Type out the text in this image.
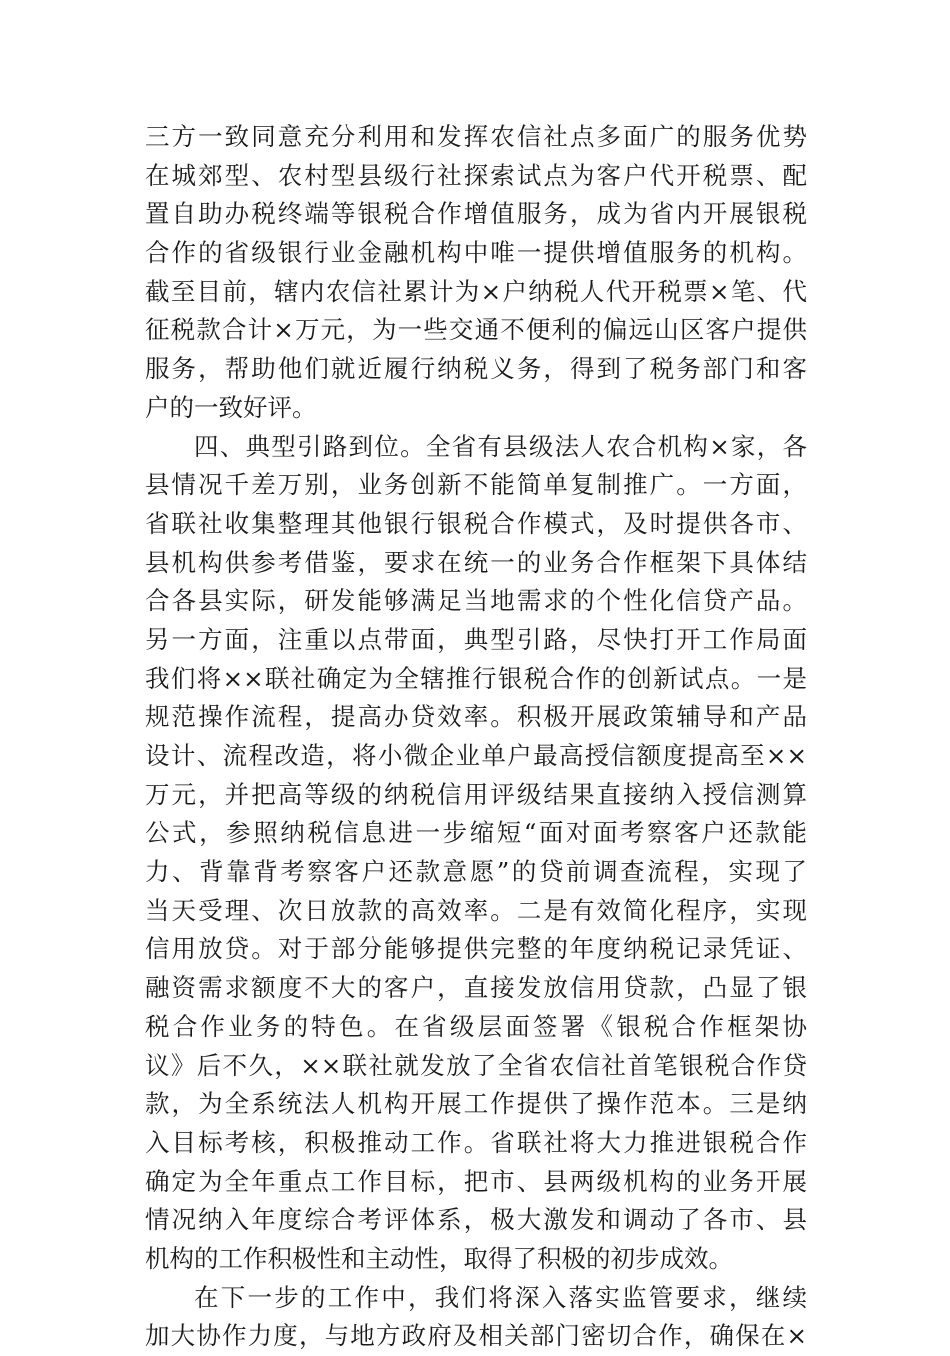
三方一致同意充分利用和发挥农信社点多面广的服务优势
在城郊型、农村型县级行社探索试点为客户代开税票、配
置自助办税终端等银税合作增值服务，成为省内开展银税
合作的省级银行业金融机构中唯一提供增值服务的机构。
截至目前，辖内农信社累计为×户纳税人代开税票×笔、代
征税款合计×万元，为一些交通不便利的偏远山区客户提供
服务，帮助他们就近履行纳税义务，得到了税务部门和客
户的一致好评。
四、典型引路到位。全省有县级法人农合机构×家，各
县情况千差万别，业务创新不能简单复制推广。一方面，
省联社收集整理其他银行银税合作模式，及时提供各市、
县机构供参考借鉴，要求在统一的业务合作框架下具体结
合各县实际，研发能够满足当地需求的个性化信贷产品。
另一方面，注重以点带面，典型引路，尽快打开工作局面
我们将××联社确定为全辖推行银税合作的创新试点。一是
规范操作流程，提高办贷效率。积极开展政策辅导和产品
设计、流程改造，将小微企业单户最高授信额度提高至××
万元，并把高等级的纳税信用评级结果直接纳入授信测算
公式，参照纳税信息进一步缩短“面对面考察客户还款能
力、背靠背考察客户还款意愿”的贷前调查流程，实现了
当天受理、次日放款的高效率。二是有效简化程序，实现
信用放贷。对于部分能够提供完整的年度纳税记录凭证、
融资需求额度不大的客户，直接发放信用贷款，凸显了银
税合作业务的特色。在省级层面签署《银税合作框架协
议》后不久，××联社就发放了全省农信社首笔银税合作贷
款，为全系统法人机构开展工作提供了操作范本。三是纳
入目标考核，积极推动工作。省联社将大力推进银税合作
确定为全年重点工作目标，把市、县两级机构的业务开展
情况纳入年度综合考评体系，极大激发和调动了各市、县
机构的工作积极性和主动性，取得了积极的初步成效。
在下一步的工作中，我们将深入落实监管要求，继续
加大协作力度，与地方政府及相关部门密切合作，确保在×
